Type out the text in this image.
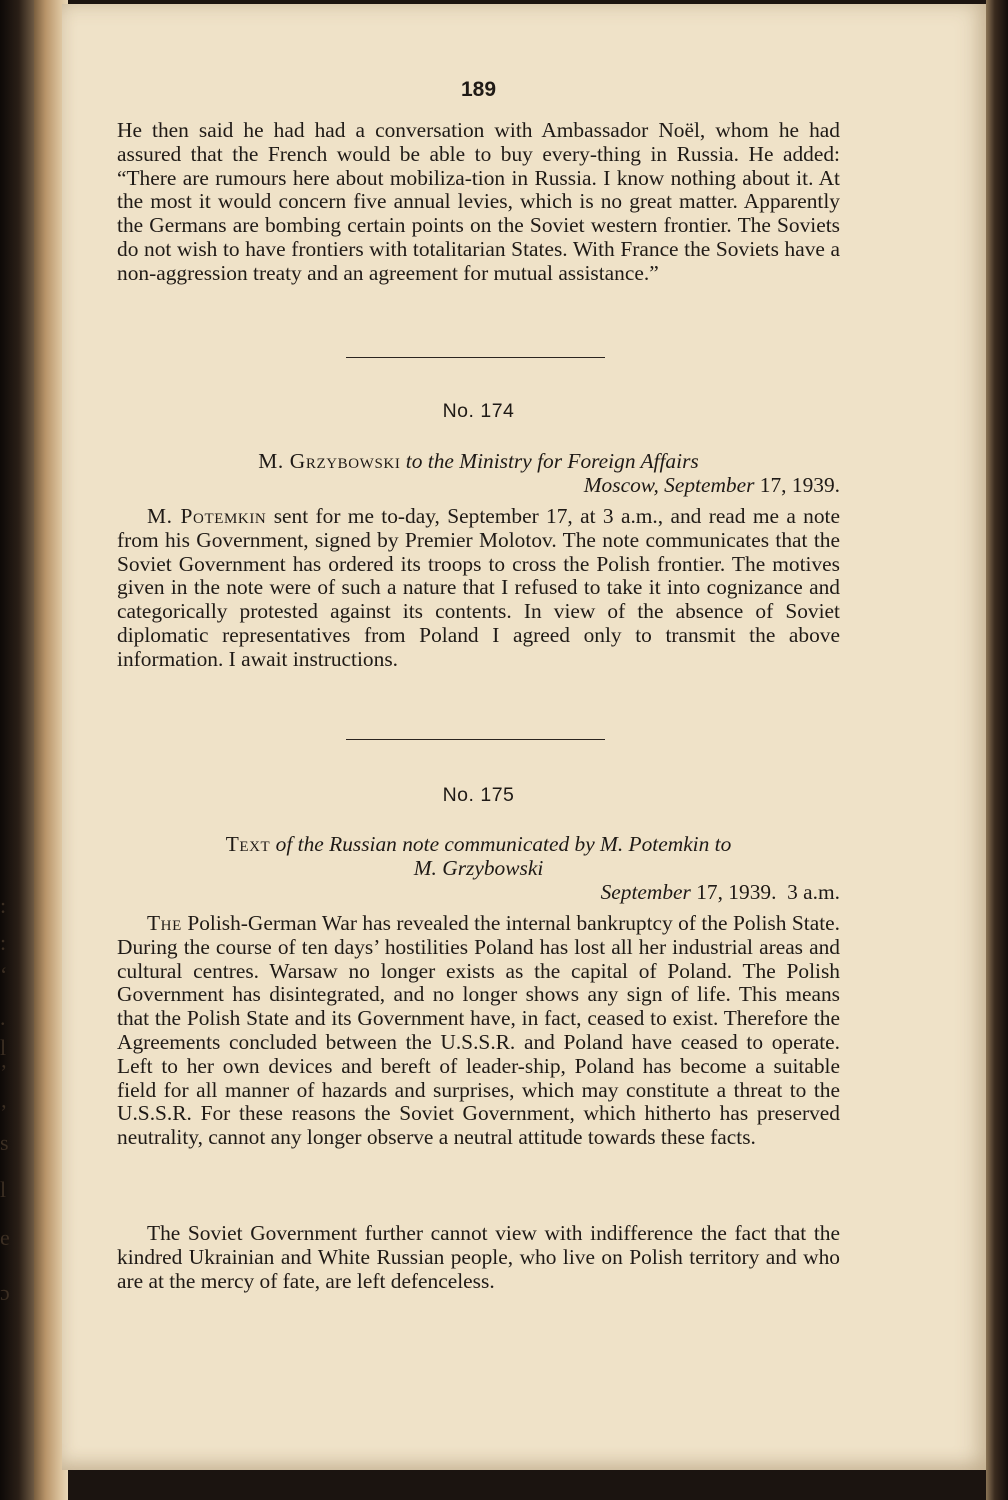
:
:
ʻ
.
l
ʼ
ʼ
s
l
e
ɔ
189
He then said he had had a conversation with Ambassador Noël, whom he had assured that the French would be able to buy every-thing in Russia. He added: “There are rumours here about mobiliza-tion in Russia. I know nothing about it. At the most it would concern five annual levies, which is no great matter. Apparently the Germans are bombing certain points on the Soviet western frontier. The Soviets do not wish to have frontiers with totalitarian States. With France the Soviets have a non-aggression treaty and an agreement for mutual assistance.”
No. 174
M. Grzybowski to the Ministry for Foreign Affairs
Moscow, September 17, 1939.
M. Potemkin sent for me to-day, September 17, at 3 a.m., and read me a note from his Government, signed by Premier Molotov. The note communicates that the Soviet Government has ordered its troops to cross the Polish frontier. The motives given in the note were of such a nature that I refused to take it into cognizance and categorically protested against its contents. In view of the absence of Soviet diplomatic representatives from Poland I agreed only to transmit the above information. I await instructions.
No. 175
Text of the Russian note communicated by M. Potemkin to
M. Grzybowski
September 17, 1939.  3 a.m.
The Polish-German War has revealed the internal bankruptcy of the Polish State. During the course of ten days’ hostilities Poland has lost all her industrial areas and cultural centres. Warsaw no longer exists as the capital of Poland. The Polish Government has disintegrated, and no longer shows any sign of life. This means that the Polish State and its Government have, in fact, ceased to exist. Therefore the Agreements concluded between the U.S.S.R. and Poland have ceased to operate. Left to her own devices and bereft of leader-ship, Poland has become a suitable field for all manner of hazards and surprises, which may constitute a threat to the U.S.S.R. For these reasons the Soviet Government, which hitherto has preserved neutrality, cannot any longer observe a neutral attitude towards these facts.
The Soviet Government further cannot view with indifference the fact that the kindred Ukrainian and White Russian people, who live on Polish territory and who are at the mercy of fate, are left defenceless.
